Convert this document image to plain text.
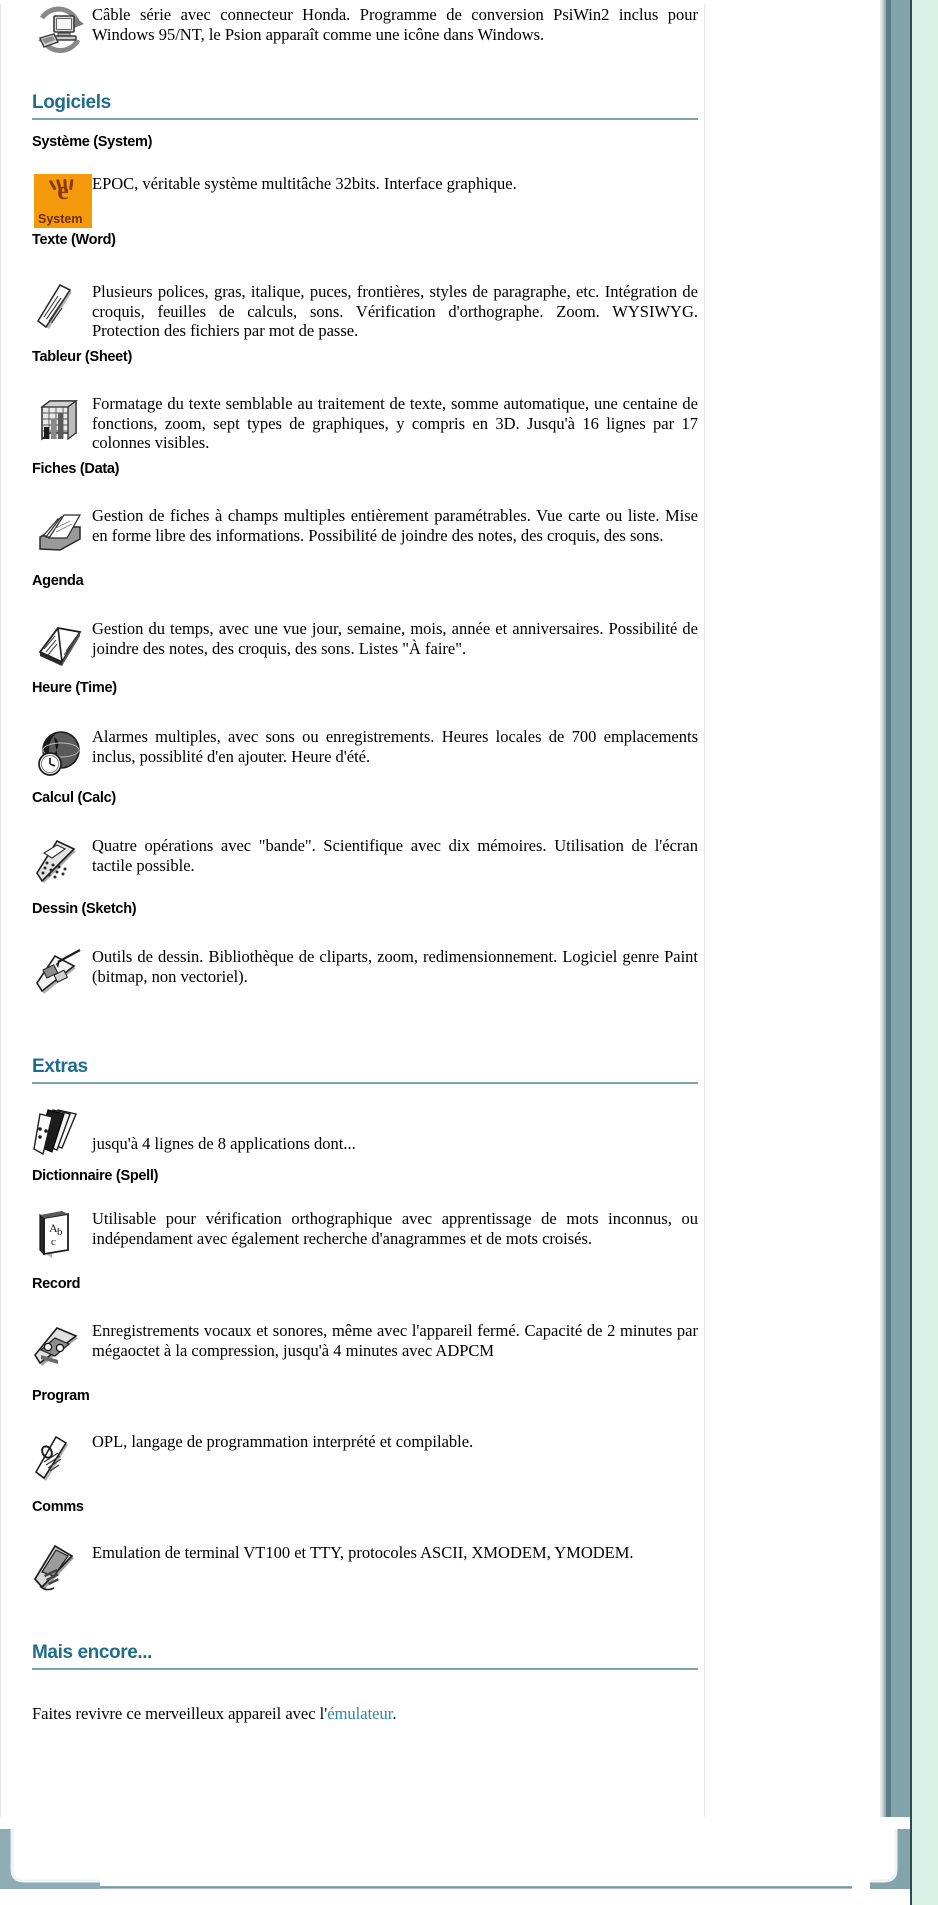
Câble série avec connecteur Honda. Programme de conversion PsiWin2 inclus pour Windows 95/NT, le Psion apparaît comme une icône dans Windows.

Logiciels
Système (System)
e
System

EPOC, véritable système multitâche 32bits. Interface graphique.

Texte (Word)

Plusieurs polices, gras, italique, puces, frontières, styles de paragraphe, etc. Intégration de croquis, feuilles de calculs, sons. Vérification d'orthographe. Zoom. WYSIWYG. Protection des fichiers par mot de passe.

Tableur (Sheet)

Formatage du texte semblable au traitement de texte, somme automatique, une centaine de fonctions, zoom, sept types de graphiques, y compris en 3D. Jusqu'à 16 lignes par 17 colonnes visibles.

Fiches (Data)

Gestion de fiches à champs multiples entièrement paramétrables. Vue carte ou liste. Mise en forme libre des informations. Possibilité de joindre des notes, des croquis, des sons.

Agenda

Gestion du temps, avec une vue jour, semaine, mois, année et anniversaires. Possibilité de joindre des notes, des croquis, des sons. Listes "À faire".

Heure (Time)

Alarmes multiples, avec sons ou enregistrements. Heures locales de 700 emplacements inclus, possiblité d'en ajouter. Heure d'été.

Calcul (Calc)

Quatre opérations avec "bande". Scientifique avec dix mémoires. Utilisation de l'écran tactile possible.

Dessin (Sketch)

Outils de dessin. Bibliothèque de cliparts, zoom, redimensionnement. Logiciel genre Paint (bitmap, non vectoriel).

Extras

jusqu'à 4 lignes de 8 applications dont...

Dictionnaire (Spell)
A b
c

Utilisable pour vérification orthographique avec apprentissage de mots inconnus, ou indépendament avec également recherche d'anagrammes et de mots croisés.

Record

Enregistrements vocaux et sonores, même avec l'appareil fermé. Capacité de 2 minutes par mégaoctet à la compression, jusqu'à 4 minutes avec ADPCM

Program

OPL, langage de programmation interprété et compilable.

Comms

Emulation de terminal VT100 et TTY, protocoles ASCII, XMODEM, YMODEM.

Mais encore...

Faites revivre ce merveilleux appareil avec l'émulateur.
